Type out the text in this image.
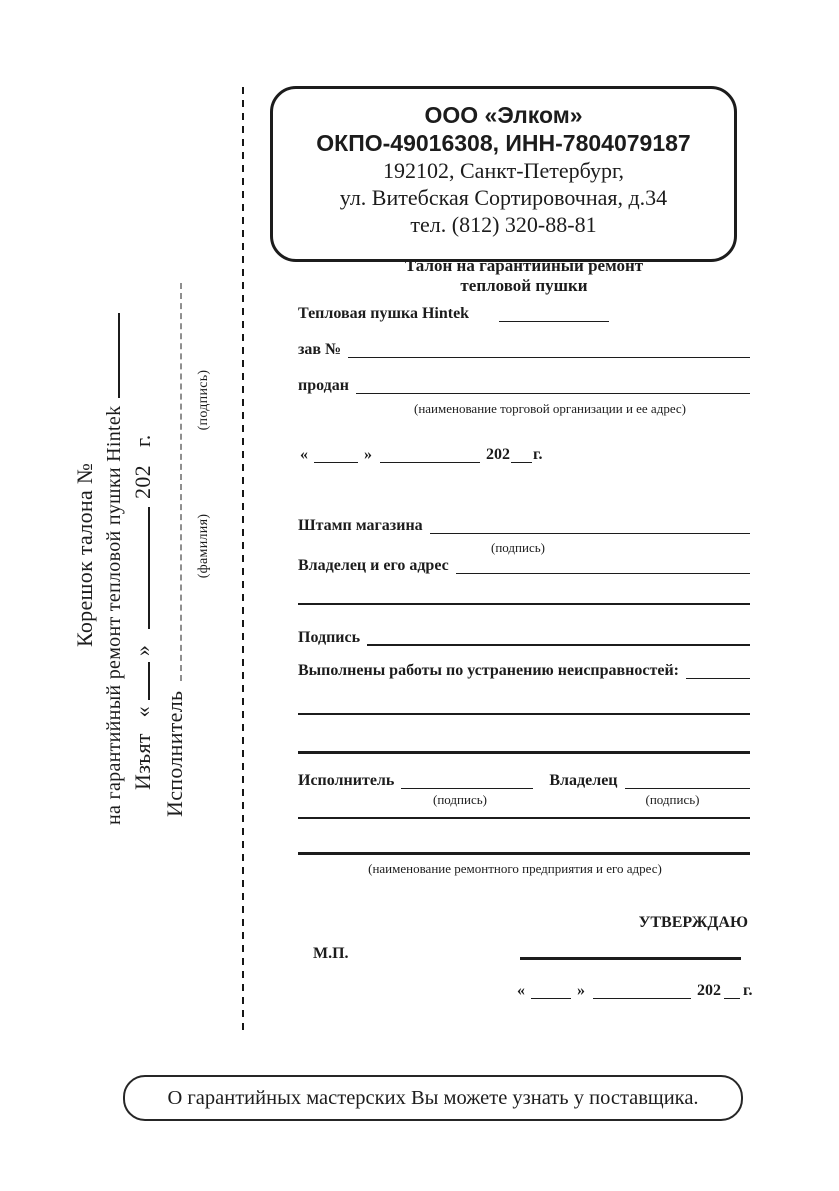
ООО «Элком»
ОКПО-49016308, ИНН-7804079187
192102, Санкт-Петербург,
ул. Витебская Сортировочная, д.34
тел. (812) 320-88-81
Корешок талона № на гарантийный ремонт тепловой пушки Hintek Изъят «» 202г.
Исполнитель
(фамилия)
(подпись)
Талон на гарантийный ремонт
тепловой пушки
Тепловая пушка Hintek
зав №
продан
(наименование торговой организации и ее адрес)
«	»	202 г.
Штамп магазина
(подпись)
Владелец и его адрес
Подпись
Выполнены работы по устранению неисправностей:
Исполнитель	Владелец
(подпись)	(подпись)
(наименование ремонтного предприятия и его адрес)
УТВЕРЖДАЮ
М.П.
«	»	202 г.
О гарантийных мастерских Вы можете узнать у поставщика.
